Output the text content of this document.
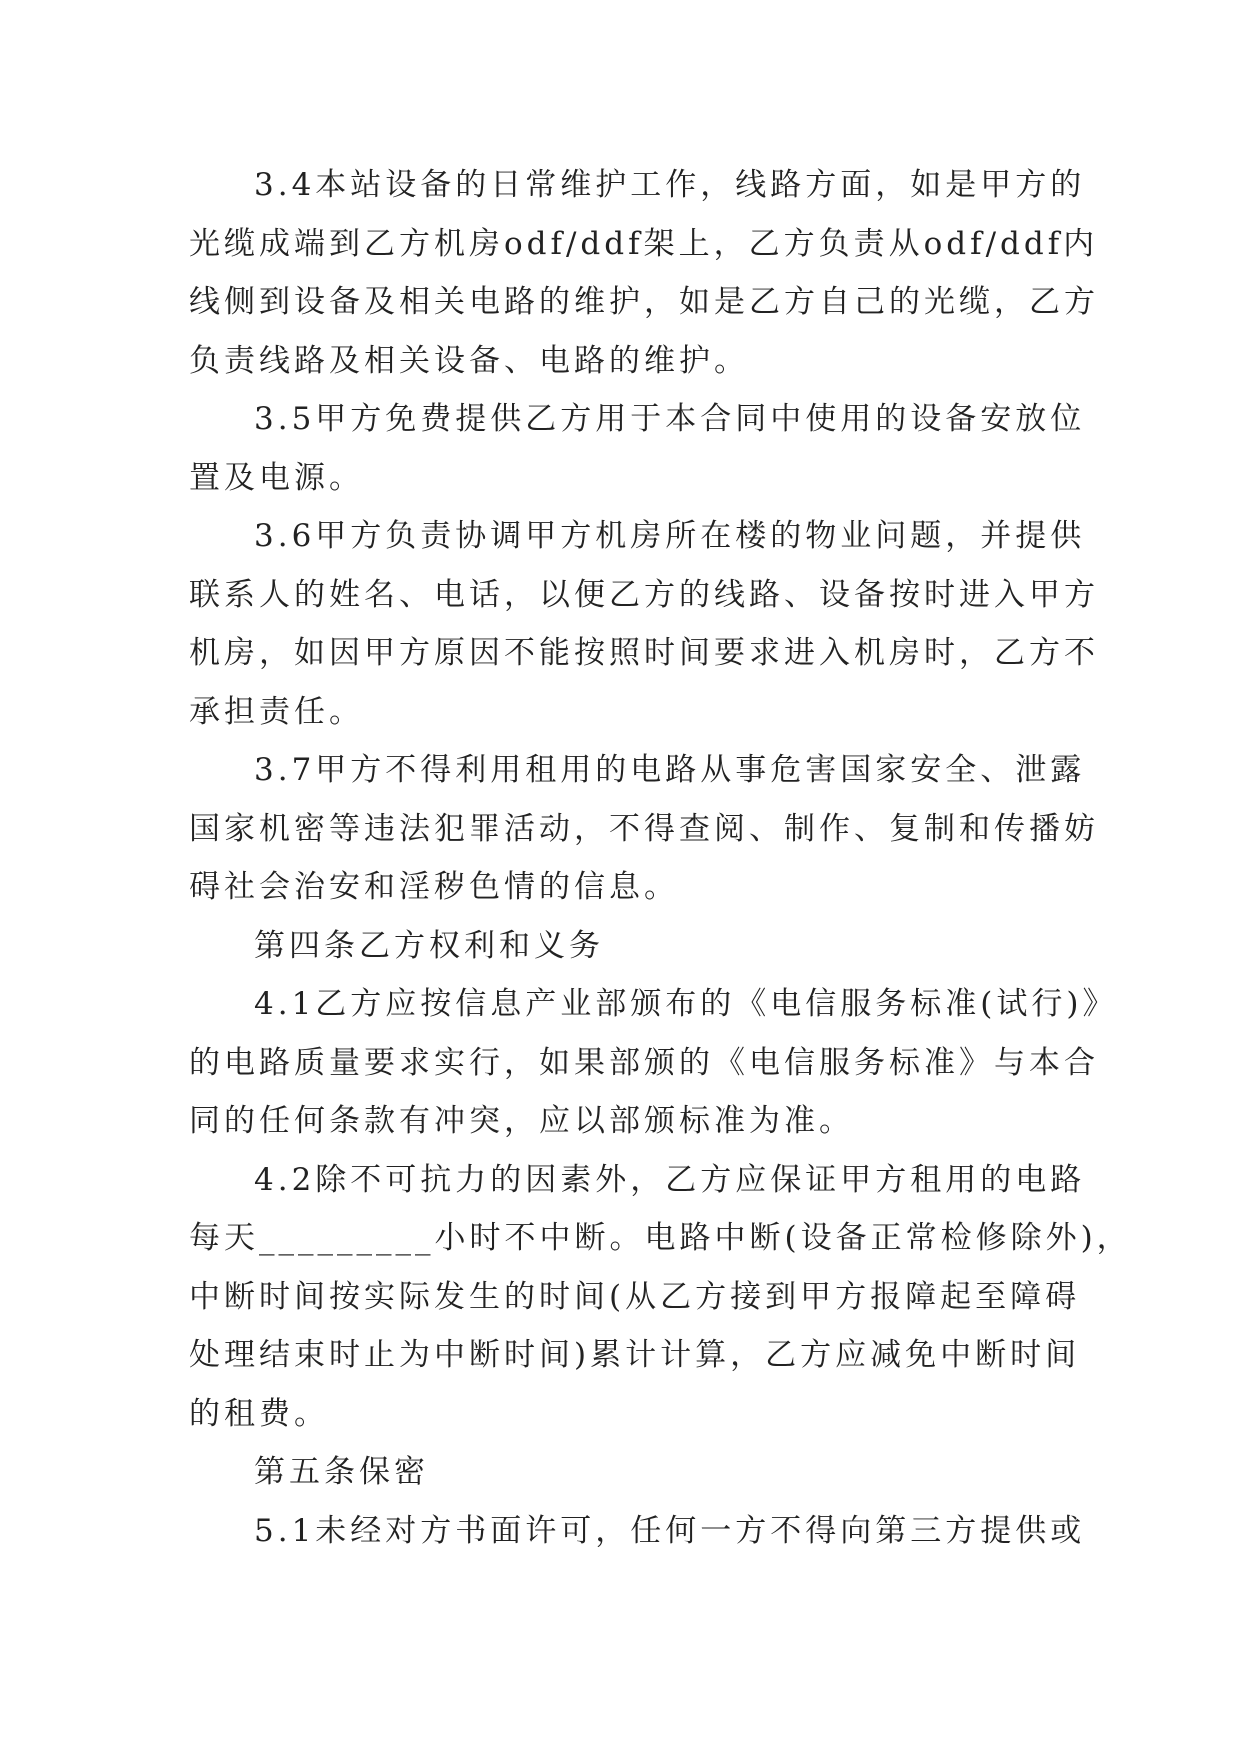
3.4本站设备的日常维护工作，线路方面，如是甲方的
光缆成端到乙方机房odf/ddf架上，乙方负责从odf/ddf内
线侧到设备及相关电路的维护，如是乙方自己的光缆，乙方
负责线路及相关设备、电路的维护。
3.5甲方免费提供乙方用于本合同中使用的设备安放位
置及电源。
3.6甲方负责协调甲方机房所在楼的物业问题，并提供
联系人的姓名、电话，以便乙方的线路、设备按时进入甲方
机房，如因甲方原因不能按照时间要求进入机房时，乙方不
承担责任。
3.7甲方不得利用租用的电路从事危害国家安全、泄露
国家机密等违法犯罪活动，不得查阅、制作、复制和传播妨
碍社会治安和淫秽色情的信息。
第四条乙方权利和义务
4.1乙方应按信息产业部颁布的《电信服务标准(试行)》
的电路质量要求实行，如果部颁的《电信服务标准》与本合
同的任何条款有冲突，应以部颁标准为准。
4.2除不可抗力的因素外，乙方应保证甲方租用的电路
每天_________小时不中断。电路中断(设备正常检修除外)，
中断时间按实际发生的时间(从乙方接到甲方报障起至障碍
处理结束时止为中断时间)累计计算，乙方应减免中断时间
的租费。
第五条保密
5.1未经对方书面许可，任何一方不得向第三方提供或
